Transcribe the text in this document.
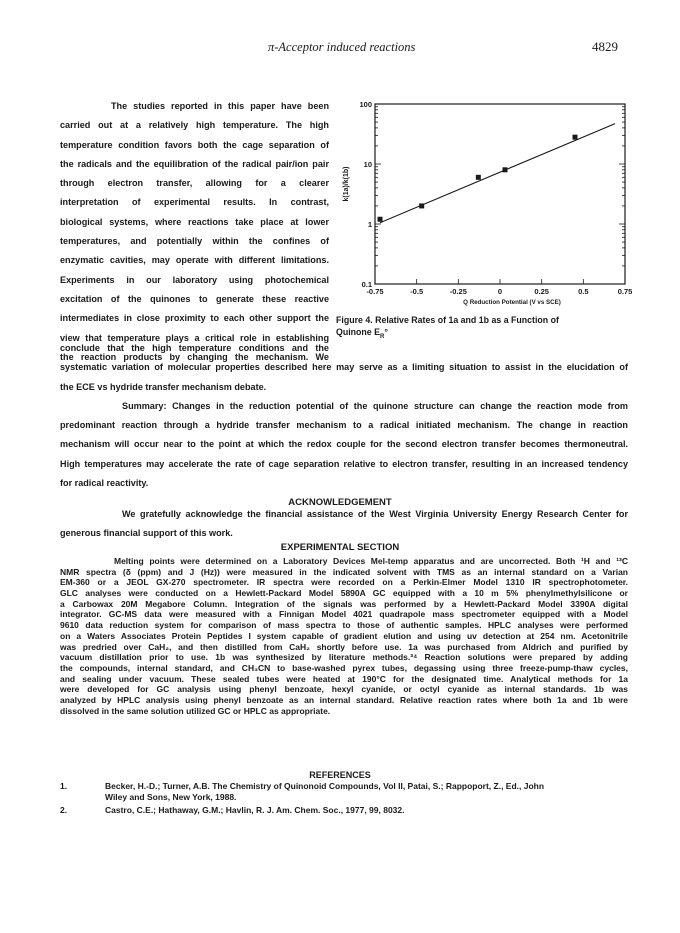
π-Acceptor induced reactions	4829
The studies reported in this paper have been
carried out at a relatively high temperature. The high
temperature condition favors both the cage separation of
the radicals and the equilibration of the radical pair/ion pair
through electron transfer, allowing for a clearer
interpretation of experimental results. In contrast,
biological systems, where reactions take place at lower
temperatures, and potentially within the confines of
enzymatic cavities, may operate with different limitations.
Experiments in our laboratory using photochemical
excitation of the quinones to generate these reactive
intermediates in close proximity to each other support the
view that temperature plays a critical role in establishing
the reaction products by changing the mechanism. We
conclude that the high temperature conditions and the
systematic variation of molecular properties described here may serve as a limiting situation to assist in the elucidation of
the ECE vs hydride transfer mechanism debate.
Summary: Changes in the reduction potential of the quinone structure can change the reaction mode from
predominant reaction through a hydride transfer mechanism to a radical initiated mechanism. The change in reaction
mechanism will occur near to the point at which the redox couple for the second electron transfer becomes thermoneutral.
High temperatures may accelerate the rate of cage separation relative to electron transfer, resulting in an increased tendency
for radical reactivity.
ACKNOWLEDGEMENT
We gratefully acknowledge the financial assistance of the West Virginia University Energy Research Center for
generous financial support of this work.
EXPERIMENTAL SECTION
Melting points were determined on a Laboratory Devices Mel-temp apparatus and are uncorrected. Both ¹H and ¹³C
NMR spectra (δ (ppm) and J (Hz)) were measured in the indicated solvent with TMS as an internal standard on a Varian
EM-360 or a JEOL GX-270 spectrometer. IR spectra were recorded on a Perkin-Elmer Model 1310 IR spectrophotometer.
GLC analyses were conducted on a Hewlett-Packard Model 5890A GC equipped with a 10 m 5% phenylmethylsilicone or
a Carbowax 20M Megabore Column. Integration of the signals was performed by a Hewlett-Packard Model 3390A digital
integrator. GC-MS data were measured with a Finnigan Model 4021 quadrapole mass spectrometer equipped with a Model
9610 data reduction system for comparison of mass spectra to those of authentic samples. HPLC analyses were performed
on a Waters Associates Protein Peptides I system capable of gradient elution and using uv detection at 254 nm. Acetonitrile
was predried over CaH₂, and then distilled from CaH₂ shortly before use. 1a was purchased from Aldrich and purified by
vacuum distillation prior to use. 1b was synthesized by literature methods.³⁴ Reaction solutions were prepared by adding
the compounds, internal standard, and CH₃CN to base-washed pyrex tubes, degassing using three freeze-pump-thaw cycles,
and sealing under vacuum. These sealed tubes were heated at 190°C for the designated time. Analytical methods for 1a
were developed for GC analysis using phenyl benzoate, hexyl cyanide, or octyl cyanide as internal standards. 1b was
analyzed by HPLC analysis using phenyl benzoate as an internal standard. Relative reaction rates where both 1a and 1b were
dissolved in the same solution utilized GC or HPLC as appropriate.
REFERENCES
1.	Becker, H.-D.; Turner, A.B. The Chemistry of Quinonoid Compounds, Vol II, Patai, S.; Rappoport, Z., Ed., John
Wiley and Sons, New York, 1988.
2.	Castro, C.E.; Hathaway, G.M.; Havlin, R. J. Am. Chem. Soc., 1977, 99, 8032.
-0.75	-0.5	-0.25	0	0.25	0.5	0.75
0.1
1
10
100
Q Reduction Potential (V vs SCE)
k(1a)/k(1b)
Figure 4. Relative Rates of 1a and 1b as a Function of
Quinone $E_R^\circ$
